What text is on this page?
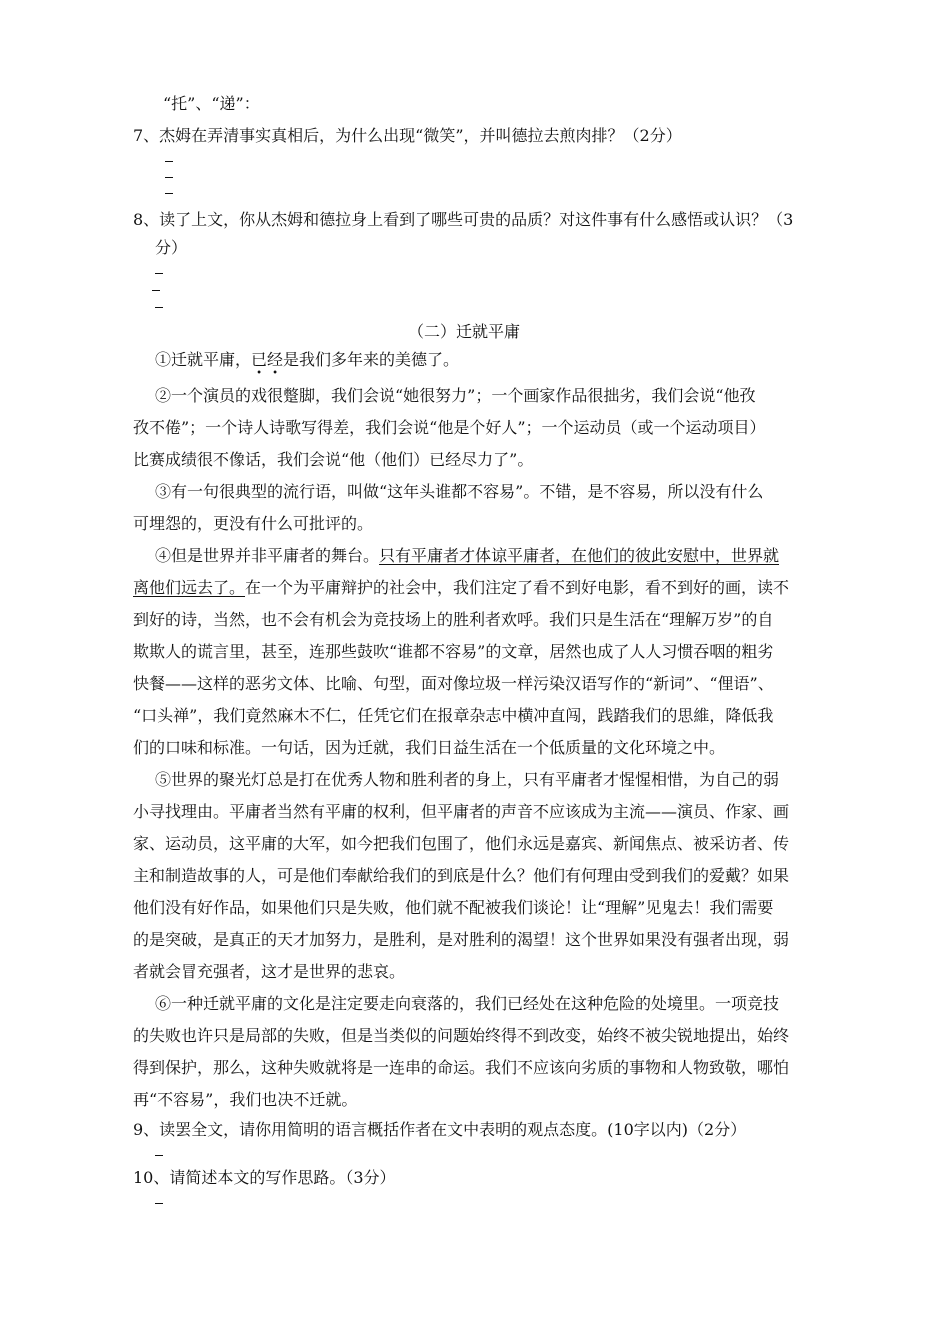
“托”、“递”：
7、杰姆在弄清事实真相后，为什么出现“微笑”，并叫德拉去煎肉排？（2分）
8、读了上文，你从杰姆和德拉身上看到了哪些可贵的品质？对这件事有什么感悟或认识？（3
分）
（二）迁就平庸
①迁就平庸，已经是我们多年来的美德了。
②一个演员的戏很蹩脚，我们会说“她很努力”；一个画家作品很拙劣，我们会说“他孜
孜不倦”；一个诗人诗歌写得差，我们会说“他是个好人”；一个运动员（或一个运动项目）
比赛成绩很不像话，我们会说“他（他们）已经尽力了”。
③有一句很典型的流行语，叫做“这年头谁都不容易”。不错，是不容易，所以没有什么
可埋怨的，更没有什么可批评的。
④但是世界并非平庸者的舞台。只有平庸者才体谅平庸者，在他们的彼此安慰中，世界就
离他们远去了。在一个为平庸辩护的社会中，我们注定了看不到好电影，看不到好的画，读不
到好的诗，当然，也不会有机会为竞技场上的胜利者欢呼。我们只是生活在“理解万岁”的自
欺欺人的谎言里，甚至，连那些鼓吹“谁都不容易”的文章，居然也成了人人习惯吞咽的粗劣
快餐——这样的恶劣文体、比喻、句型，面对像垃圾一样污染汉语写作的“新词”、“俚语”、
“口头禅”，我们竟然麻木不仁，任凭它们在报章杂志中横冲直闯，践踏我们的思維，降低我
们的口味和标准。一句话，因为迁就，我们日益生活在一个低质量的文化环境之中。
⑤世界的聚光灯总是打在优秀人物和胜利者的身上，只有平庸者才惺惺相惜，为自己的弱
小寻找理由。平庸者当然有平庸的权利，但平庸者的声音不应该成为主流——演员、作家、画
家、运动员，这平庸的大军，如今把我们包围了，他们永远是嘉宾、新闻焦点、被采访者、传
主和制造故事的人，可是他们奉献给我们的到底是什么？他们有何理由受到我们的爱戴？如果
他们没有好作品，如果他们只是失败，他们就不配被我们谈论！让“理解”见鬼去！我们需要
的是突破，是真正的天才加努力，是胜利，是对胜利的渴望！这个世界如果没有强者出现，弱
者就会冒充强者，这才是世界的悲哀。
⑥一种迁就平庸的文化是注定要走向衰落的，我们已经处在这种危险的处境里。一项竞技
的失败也许只是局部的失败，但是当类似的问题始终得不到改变，始终不被尖锐地提出，始终
得到保护，那么，这种失败就将是一连串的命运。我们不应该向劣质的事物和人物致敬，哪怕
再“不容易”，我们也决不迁就。
9、读罢全文，请你用简明的语言概括作者在文中表明的观点态度。(10字以内)（2分）
10、请简述本文的写作思路。（3分）
